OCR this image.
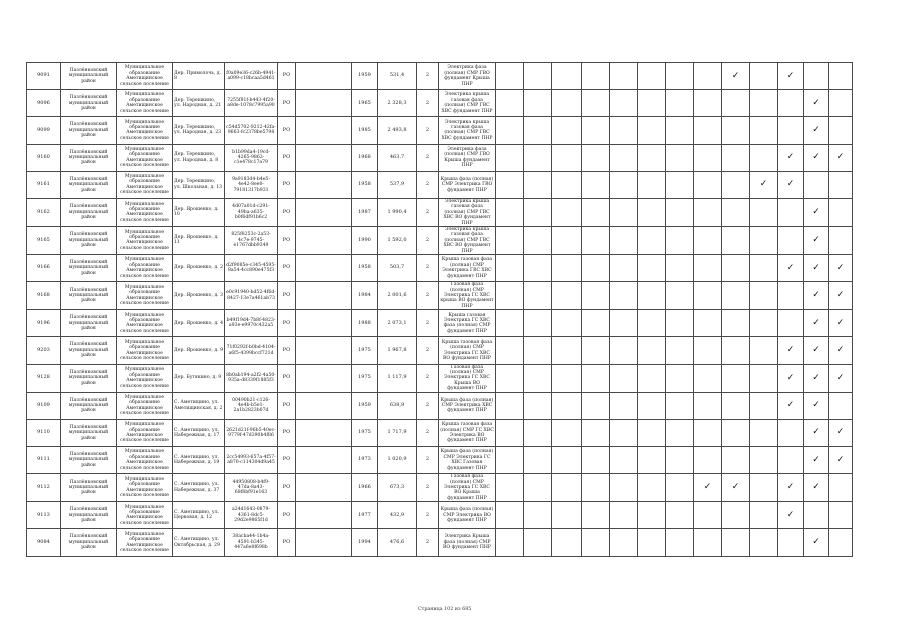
9091	Пазлёнковский муниципальный район	Муниципальное образование Аметищинское сельское поселение	Дер. Примолочь, д. 8	f0a09e36-c26b-4941-a099-c18bcaa5d461	РО		1959	531,4	2	Электрика фаза (полная) СМР ГВО фундамент Крыша ПНР									✓		✓		
9096	Пазлёнковский муниципальный район	Муниципальное образование Аметищинское сельское поселение	Дер. Терешкино, ул. Народная, д. 21	7255f81f-b443-4f20-a8de-1078c7995a90	РО		1965	2 328,3	2	Электрика крыша газовая фаза (полная) СМР ГВС ХВС фундамент ПНР												✓	
9099	Пазлёнковский муниципальный район	Муниципальное образование Аметищинское сельское поселение	Дер. Терешкино, ул. Народная, д. 23	c54d5702-9212-42fa-9663-fc2378be5798	РО		1985	2 493,8	2	Электрика крыша газовая фаза (полная) СМР ГВС ХВС фундамент ПНР												✓	
9160	Пазлёнковский муниципальный район	Муниципальное образование Аметищинское сельское поселение	Дер. Терешкино, ул. Народная, д. 8	b1b99da4-19cd-4265-9862-c1e478c17a79	РО		1968	463,7	2	Электрика фаза (полная) СМР ГВО Крыша фундамент ПНР											✓	✓	✓
9161	Пазлёнковский муниципальный район	Муниципальное образование Аметищинское сельское поселение	Дер. Терешкино, ул. Школьная, д. 13	9a9183d4-b4e5-4e42-8ee0-79181317b931	РО		1958	537,9	2	Крыша фаза (полная) СМР Электрика ГВО фундамент ПНР										✓	✓		
9162	Пазлёнковский муниципальный район	Муниципальное образование Аметищинское сельское поселение	Дер. Ярошенко, д. 10	4d07a01d-c291-49ba-a635-b0f6df91b6c2	РО		1987	1 990,4	2	Электрика крыша газовая фаза (полная) СМР ГВС ХВС ВО фундамент ПНР												✓	
9165	Пазлёнковский муниципальный район	Муниципальное образование Аметищинское сельское поселение	Дер. Ярошенко, д. 11	825f8253c-2a53-4c7e-9745-e1767dbb9349	РО		1990	1 592,0	2	Электрика крыша газовая фаза (полная) СМР ГВС ХВС ВО фундамент ПНР												✓	
9166	Пазлёнковский муниципальный район	Муниципальное образование Аметищинское сельское поселение	Дер. Ярошенко, д. 2	d2f9085e-c345-4595-8a54-4cc890e475f3	РО		1958	503,7	2	Крыша газовая фаза (полная) СМР Электрика ГВС ХВС фундамент ПНР											✓	✓	✓
9168	Пазлёнковский муниципальный район	Муниципальное образование Аметищинское сельское поселение	Дер. Ярошенко, д. 3	e0c91940-bd52-4f6d-8427-13e7a461ab73	РО		1984	2 001,6	2	Газовая фаза (полная) СМР Электрика ГС ХВС крыша ВО фундамент ПНР												✓	✓
9196	Пазлёнковский муниципальный район	Муниципальное образование Аметищинское сельское поселение	Дер. Ярошенко, д. 4	b49f19d4-7b8f-4823-a93e-e9970c432a5	РО		1988	2 073,1	2	Крыша газовая Электрика ГС ХВС фаза (полная) СМР фундамент ПНР												✓	✓
9203	Пазлёнковский муниципальный район	Муниципальное образование Аметищинское сельское поселение	Дер. Ярошенко, д. 9	71f0292f-b0bd-4104-a6f5-4399bccf721d	РО		1975	1 967,8	2	Крыша газовая фаза (полная) СМР Электрика ГС ХВС ВО фундамент ПНР											✓	✓	✓
9128	Пазлёнковский муниципальный район	Муниципальное образование Аметищинское сельское поселение	Дер. Бутякино, д. 9	8b0ab194-a2f2-4a50-935a-d8339f1885f3	РО		1975	1 117,9	2	Газовая фаза (полная) СМР Электрика ГС ХВС Крыша ВО фундамент ПНР											✓	✓	✓
9109	Пазлёнковский муниципальный район	Муниципальное образование Аметищинское сельское поселение	С. Аметищино, ул. Аметищинская, д. 2	00490b21-c126-4e4b-b5e1-2a1b2823b07d	РО		1959	638,9	2	Крыша фаза (полная) СМР Электрика ХВС фундамент ПНР											✓	✓	
9110	Пазлёнковский муниципальный район	Муниципальное образование Аметищинское сельское поселение	С. Аметищино, ул. Набережная, д. 17	2621d21f-96b5-40ec-9779f-47d390b4f86	РО		1975	1 717,9	2	Крыша газовая фаза (полная) СМР ГС ХВС Электрика ВО фундамент ПНР												✓	✓
9111	Пазлёнковский муниципальный район	Муниципальное образование Аметищинское сельское поселение	С. Аметищино, ул. Набережная, д. 19	2cc54993-657a-4f57-a870-c114304d9a45	РО		1973	1 020,9	2	Крыша фаза (полная) СМР Электрика ГС ХВС Газовая фундамент ПНР												✓	✓
9112	Пазлёнковский муниципальный район	Муниципальное образование Аметищинское сельское поселение	С. Аметищино, ул. Набережная, д. 37	44950808-b4f9-47da-8a43-68f8bf91e163	РО		1966	673,3	2	Газовая фаза (полная) СМР Электрика ГС ХВС ВО Крыша фундамент ПНР								✓	✓		✓	✓	
9113	Пазлёнковский муниципальный район	Муниципальное образование Аметищинское сельское поселение	С. Аметищино, ул. Церковая, д. 12	a24d1643-0879-4361-8dc5-29d2e9865f1d	РО		1977	432,9	2	Крыша фаза (полная) СМР Электрика ВО фундамент ПНР											✓		
9084	Пазлёнковский муниципальный район	Муниципальное образование Аметищинское сельское поселение	С. Аметищино, ул. Октябрьская, д. 29	38acba44-1b4a-4591-b345-447a6e8f698b	РО		1994	476,6	2	Электрика Крыша фаза (полная) СМР ВО фундамент ПНР												✓	
Страница 102 из 685
